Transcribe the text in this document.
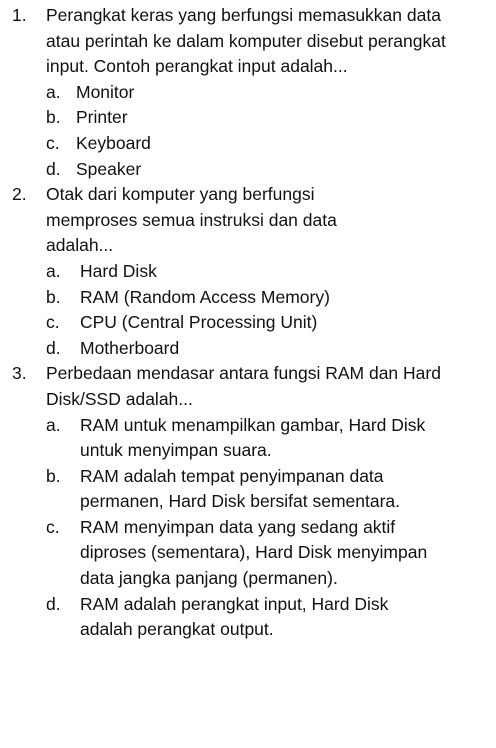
1. Perangkat keras yang berfungsi memasukkan data atau perintah ke dalam komputer disebut perangkat input. Contoh perangkat input adalah...
a. Monitor
b. Printer
c. Keyboard
d. Speaker
2. Otak dari komputer yang berfungsi memproses semua instruksi dan data adalah...
a. Hard Disk
b. RAM (Random Access Memory)
c. CPU (Central Processing Unit)
d. Motherboard
3. Perbedaan mendasar antara fungsi RAM dan Hard Disk/SSD adalah...
a. RAM untuk menampilkan gambar, Hard Disk untuk menyimpan suara.
b. RAM adalah tempat penyimpanan data permanen, Hard Disk bersifat sementara.
c. RAM menyimpan data yang sedang aktif diproses (sementara), Hard Disk menyimpan data jangka panjang (permanen).
d. RAM adalah perangkat input, Hard Disk adalah perangkat output.
